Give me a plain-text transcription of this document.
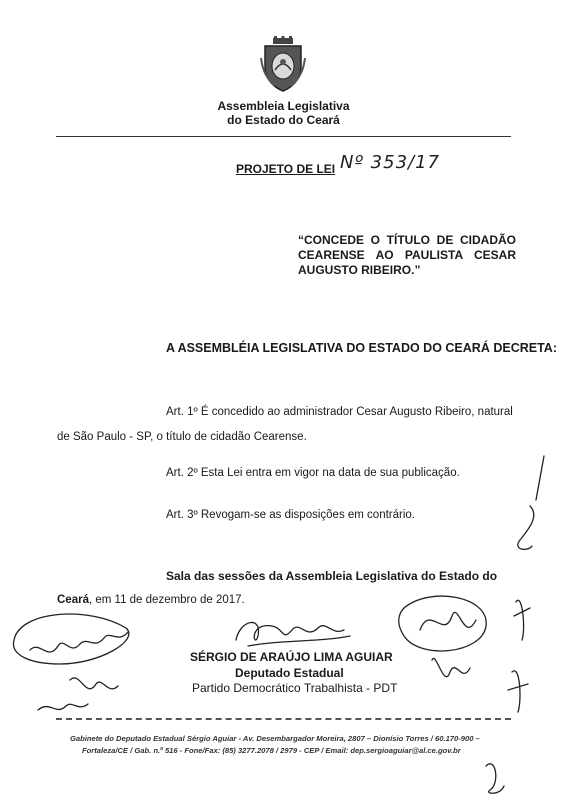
Assembleia Legislativa
do Estado do Ceará
PROJETO DE LEI Nº 353/17
“CONCEDE O TÍTULO DE CIDADÃO CEARENSE AO PAULISTA CESAR AUGUSTO RIBEIRO.”
A ASSEMBLÉIA LEGISLATIVA DO ESTADO DO CEARÁ DECRETA:
Art. 1º É concedido ao administrador Cesar Augusto Ribeiro, natural
de São Paulo - SP, o título de cidadão Cearense.
Art. 2º Esta Lei entra em vigor na data de sua publicação.
Art. 3º Revogam-se as disposições em contrário.
Sala das sessões da Assembleia Legislativa do Estado do
Ceará, em 11 de dezembro de 2017.
SÉRGIO DE ARAÚJO LIMA AGUIAR
Deputado Estadual
Partido Democrático Trabalhista - PDT
Gabinete do Deputado Estadual Sérgio Aguiar - Av. Desembargador Moreira, 2807 – Dionísio Torres / 60.170-900 –
Fortaleza/CE / Gab. n.º 516 - Fone/Fax: (85) 3277.2078 / 2979 - CEP / Email: dep.sergioaguiar@al.ce.gov.br
